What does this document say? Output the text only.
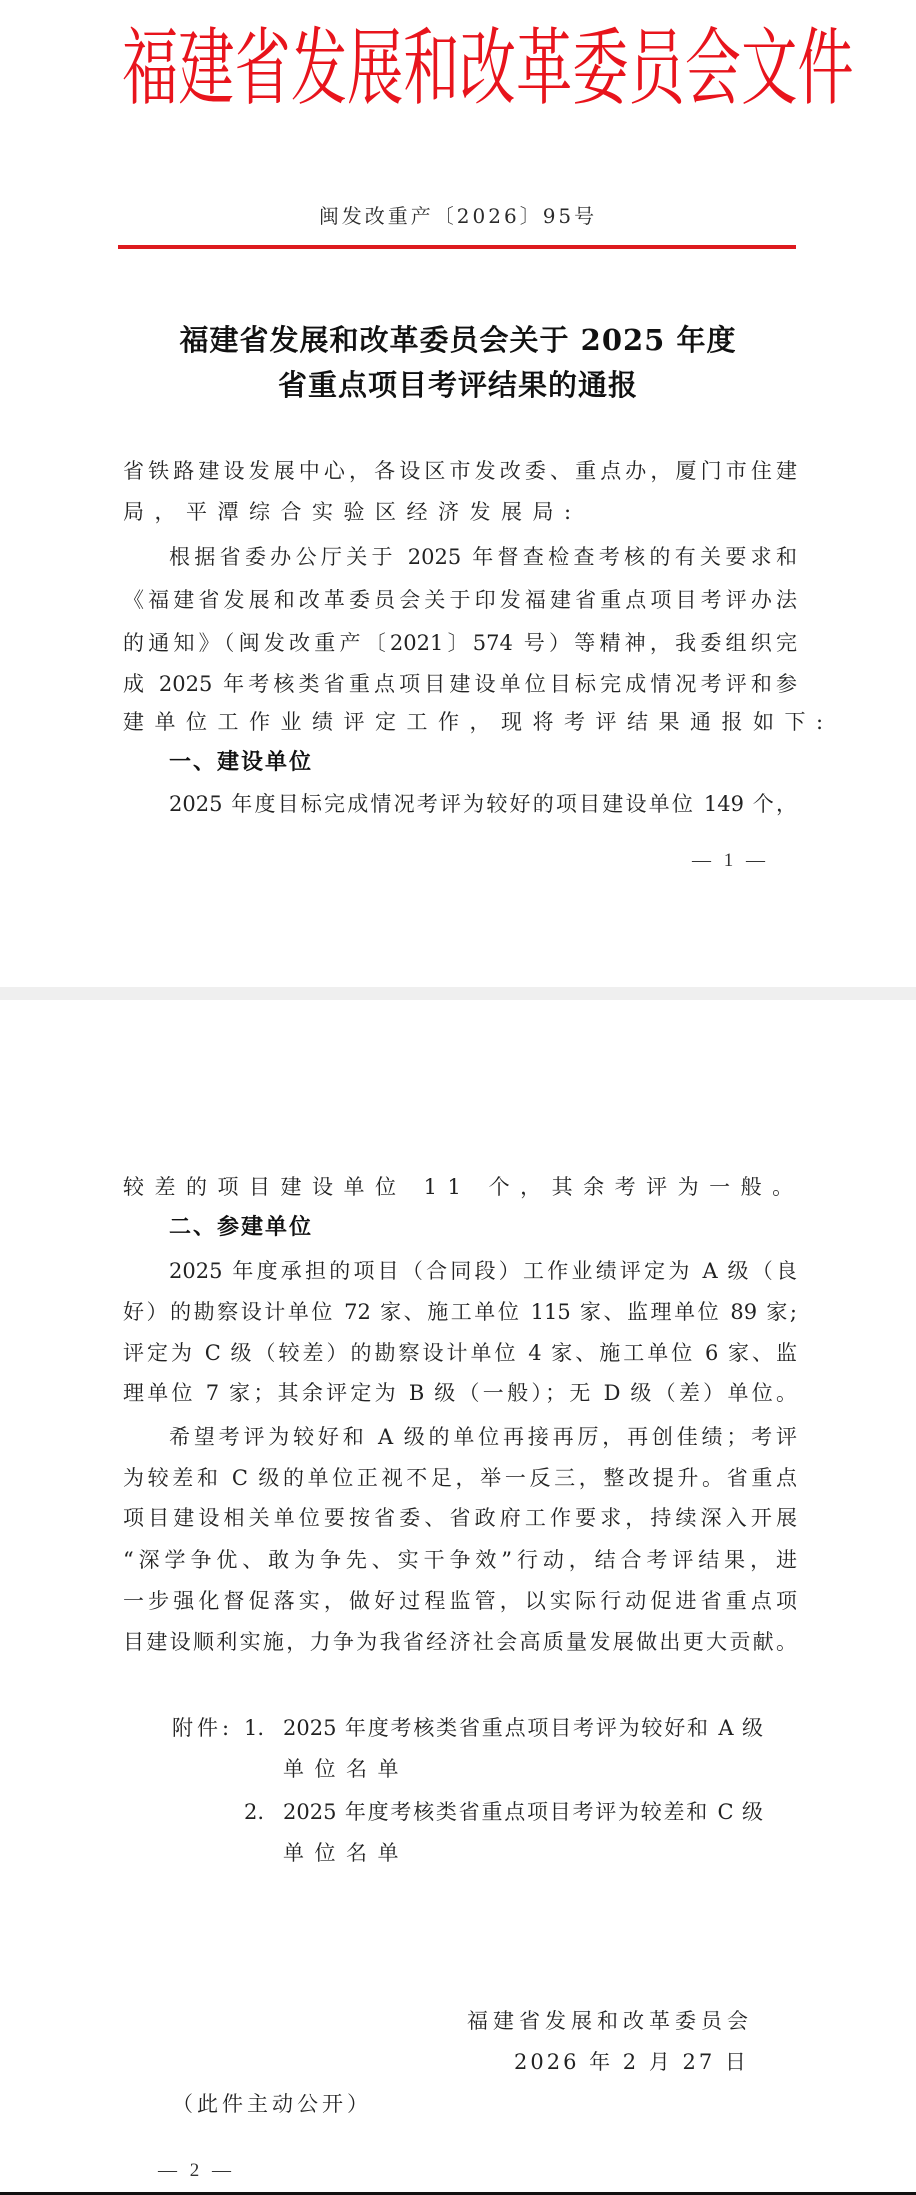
福建省发展和改革委员会文件
闽发改重产〔2026〕95号
福建省发展和改革委员会关于 2025 年度
省重点项目考评结果的通报
省铁路建设发展中心，各设区市发改委、重点办，厦门市住建
局，平潭综合实验区经济发展局:
根据省委办公厅关于 2025 年督查检查考核的有关要求和
《福建省发展和改革委员会关于印发福建省重点项目考评办法
的通知》（闽发改重产〔2021〕574 号）等精神，我委组织完
成 2025 年考核类省重点项目建设单位目标完成情况考评和参
建单位工作业绩评定工作，现将考评结果通报如下:
一、建设单位
2025 年度目标完成情况考评为较好的项目建设单位 149 个，
— 1 —
较差的项目建设单位 11 个，其余考评为一般。
二、参建单位
2025 年度承担的项目（合同段）工作业绩评定为 A 级（良
好）的勘察设计单位 72 家、施工单位 115 家、监理单位 89 家;
评定为 C 级（较差）的勘察设计单位 4 家、施工单位 6 家、监
理单位 7 家；其余评定为 B 级（一般）；无 D 级（差）单位。
希望考评为较好和 A 级的单位再接再厉，再创佳绩；考评
为较差和 C 级的单位正视不足，举一反三，整改提升。省重点
项目建设相关单位要按省委、省政府工作要求，持续深入开展
“深学争优、敢为争先、实干争效”行动，结合考评结果，进
一步强化督促落实，做好过程监管，以实际行动促进省重点项
目建设顺利实施，力争为我省经济社会高质量发展做出更大贡献。
附件: 1. 2025 年度考核类省重点项目考评为较好和 A 级
单位名单
2. 2025 年度考核类省重点项目考评为较差和 C 级
单位名单
福建省发展和改革委员会
2026 年 2 月 27 日
（此件主动公开）
— 2 —
